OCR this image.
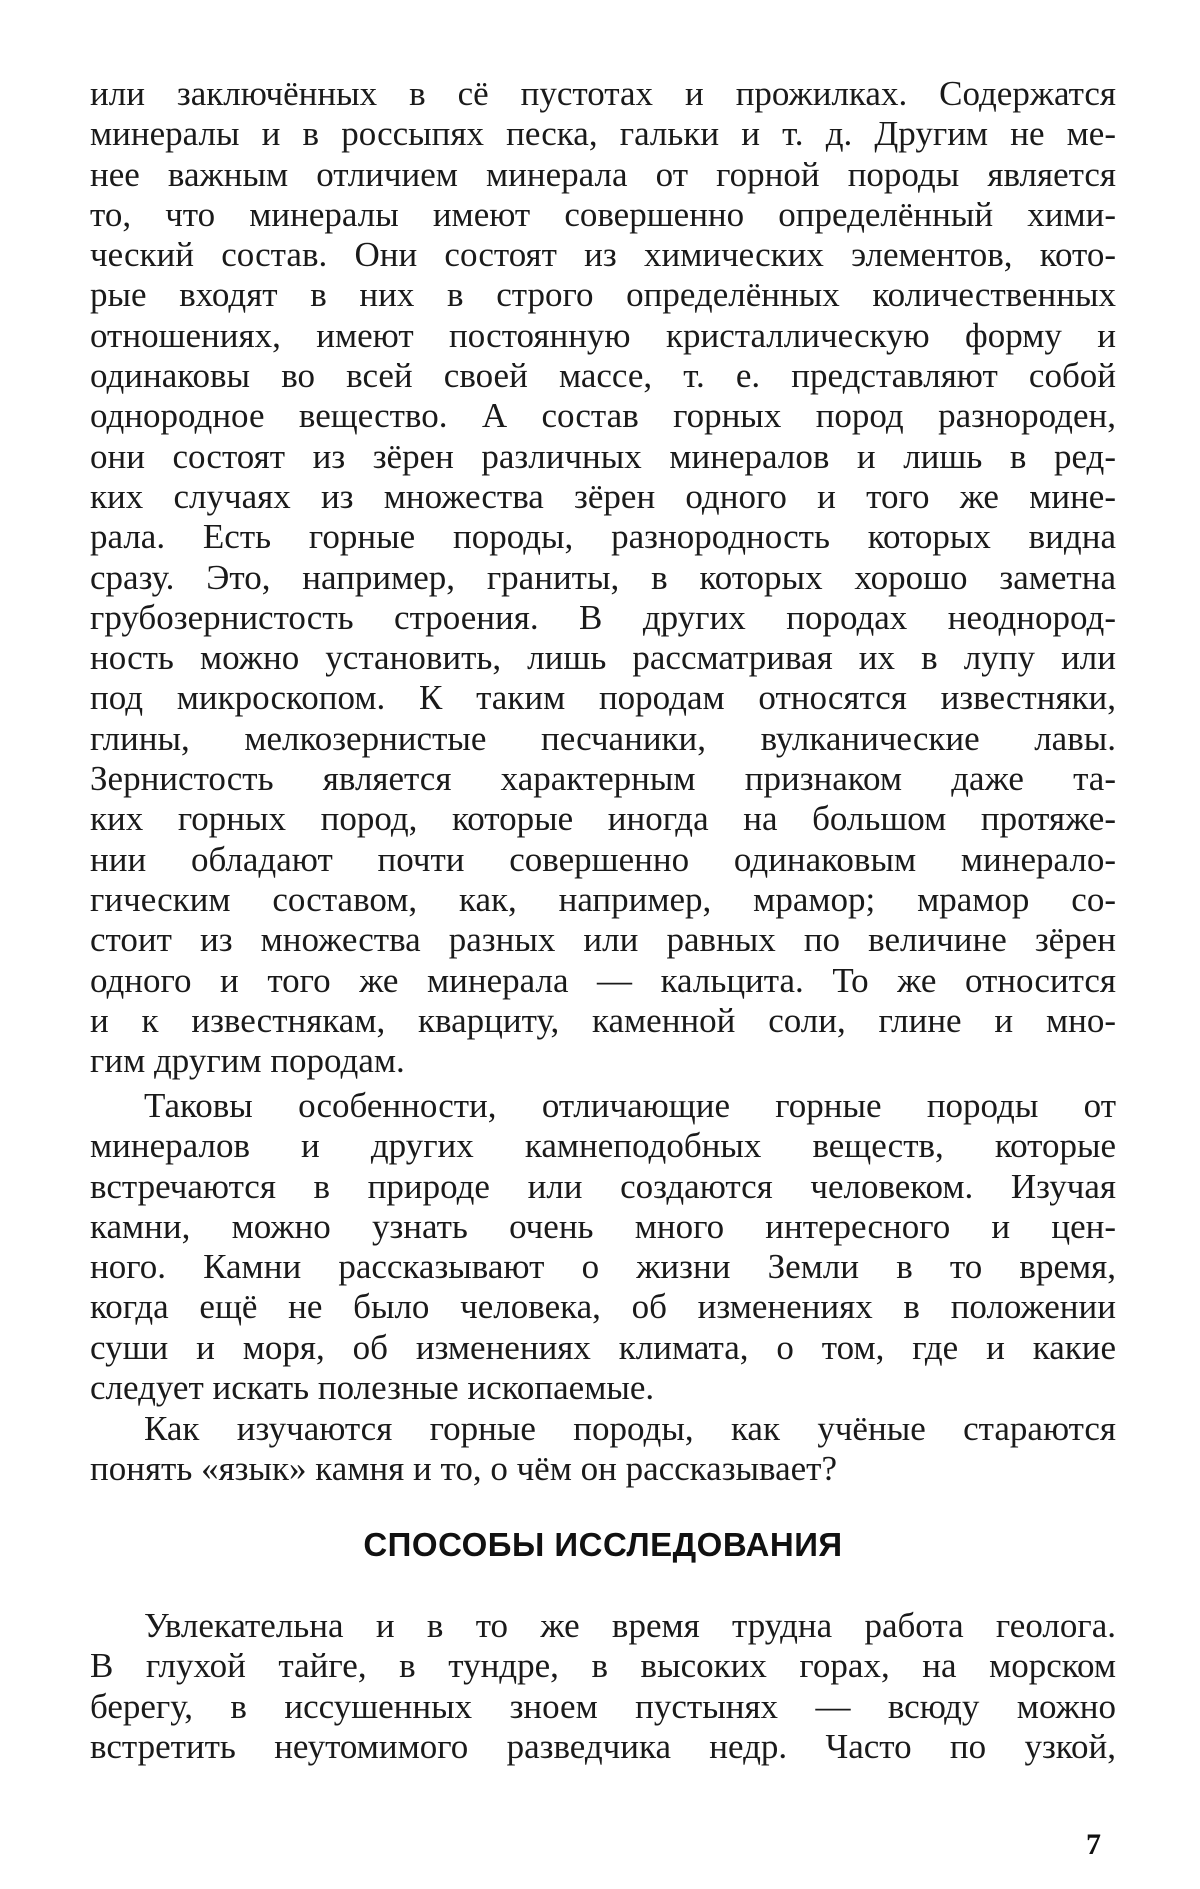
или заключённых в сё пустотах и прожилках. Содержатся
минералы и в россыпях песка, гальки и т. д. Другим не ме-
нее важным отличием минерала от горной породы является
то, что минералы имеют совершенно определённый хими-
ческий состав. Они состоят из химических элементов, кото-
рые входят в них в строго определённых количественных
отношениях, имеют постоянную кристаллическую форму и
одинаковы во всей своей массе, т. е. представляют собой
однородное вещество. А состав горных пород разнороден,
они состоят из зёрен различных минералов и лишь в ред-
ких случаях из множества зёрен одного и того же мине-
рала. Есть горные породы, разнородность которых видна
сразу. Это, например, граниты, в которых хорошо заметна
грубозернистость строения. В других породах неоднород-
ность можно установить, лишь рассматривая их в лупу или
под микроскопом. К таким породам относятся известняки,
глины, мелкозернистые песчаники, вулканические лавы.
Зернистость является характерным признаком даже та-
ких горных пород, которые иногда на большом протяже-
нии обладают почти совершенно одинаковым минерало-
гическим составом, как, например, мрамор; мрамор со-
стоит из множества разных или равных по величине зёрен
одного и того же минерала — кальцита. То же относится
и к известнякам, кварциту, каменной соли, глине и мно-
гим другим породам.
Таковы особенности, отличающие горные породы от
минералов и других камнеподобных веществ, которые
встречаются в природе или создаются человеком. Изучая
камни, можно узнать очень много интересного и цен-
ного. Камни рассказывают о жизни Земли в то время,
когда ещё не было человека, об изменениях в положении
суши и моря, об изменениях климата, о том, где и какие
следует искать полезные ископаемые.
Как изучаются горные породы, как учёные стараются
понять «язык» камня и то, о чём он рассказывает?
СПОСОБЫ ИССЛЕДОВАНИЯ
Увлекательна и в то же время трудна работа геолога.
В глухой тайге, в тундре, в высоких горах, на морском
берегу, в иссушенных зноем пустынях — всюду можно
встретить неутомимого разведчика недр. Часто по узкой,
7
